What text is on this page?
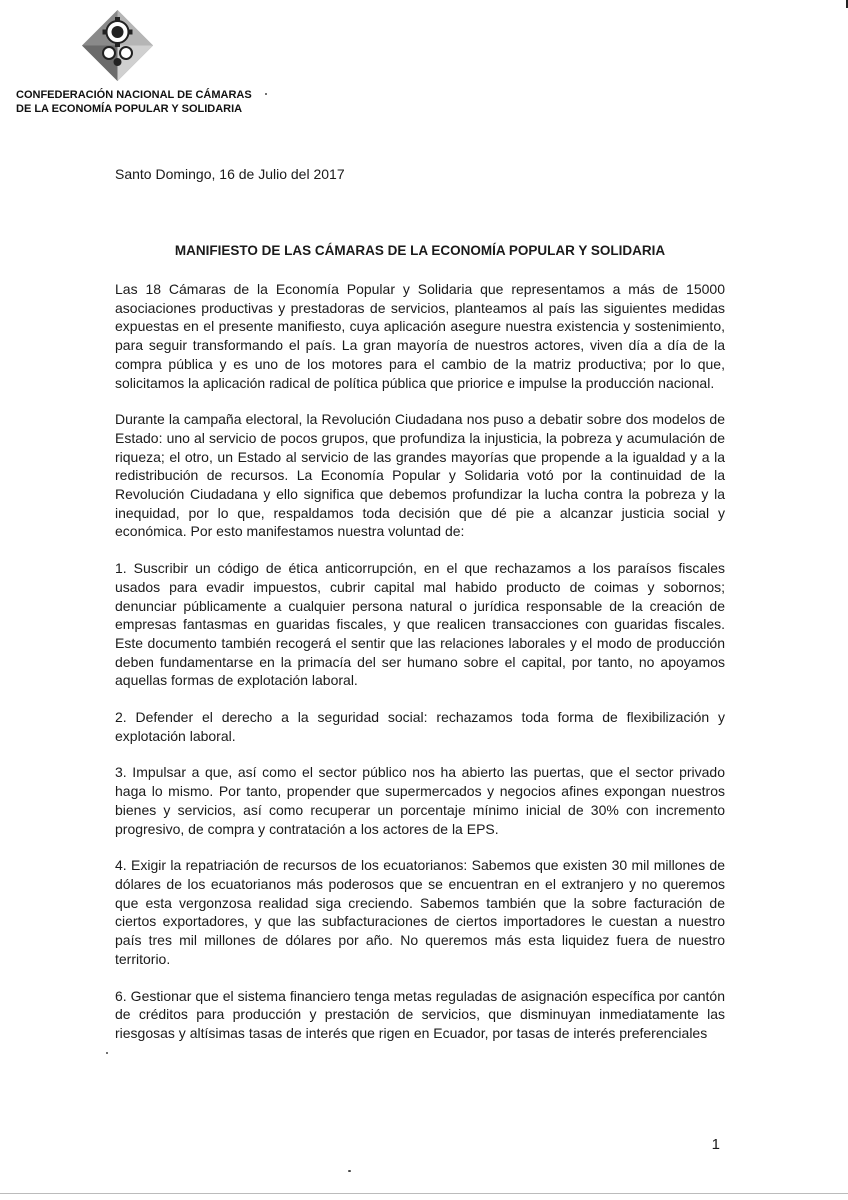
CONFEDERACIÓN NACIONAL DE CÁMARAS
DE LA ECONOMÍA POPULAR Y SOLIDARIA
Santo Domingo, 16 de Julio del 2017
MANIFIESTO DE LAS CÁMARAS DE LA ECONOMÍA POPULAR Y SOLIDARIA

Las 18 Cámaras de la Economía Popular y Solidaria que representamos a más de 15000 asociaciones productivas y prestadoras de servicios, planteamos al país las siguientes medidas expuestas en el presente manifiesto, cuya aplicación asegure nuestra existencia y sostenimiento, para seguir transformando el país. La gran mayoría de nuestros actores, viven día a día de la compra pública y es uno de los motores para el cambio de la matriz productiva; por lo que, solicitamos la aplicación radical de política pública que priorice e impulse la producción nacional.

Durante la campaña electoral, la Revolución Ciudadana nos puso a debatir sobre dos modelos de Estado: uno al servicio de pocos grupos, que profundiza la injusticia, la pobreza y acumulación de riqueza; el otro, un Estado al servicio de las grandes mayorías que propende a la igualdad y a la redistribución de recursos. La Economía Popular y Solidaria votó por la continuidad de la Revolución Ciudadana y ello significa que debemos profundizar la lucha contra la pobreza y la inequidad, por lo que, respaldamos toda decisión que dé pie a alcanzar justicia social y económica. Por esto manifestamos nuestra voluntad de:

1. Suscribir un código de ética anticorrupción, en el que rechazamos a los paraísos fiscales usados para evadir impuestos, cubrir capital mal habido producto de coimas y sobornos; denunciar públicamente a cualquier persona natural o jurídica responsable de la creación de empresas fantasmas en guaridas fiscales, y que realicen transacciones con guaridas fiscales. Este documento también recogerá el sentir que las relaciones laborales y el modo de producción deben fundamentarse en la primacía del ser humano sobre el capital, por tanto, no apoyamos aquellas formas de explotación laboral.

2. Defender el derecho a la seguridad social: rechazamos toda forma de flexibilización y explotación laboral.

3. Impulsar a que, así como el sector público nos ha abierto las puertas, que el sector privado haga lo mismo. Por tanto, propender que supermercados y negocios afines expongan nuestros bienes y servicios, así como recuperar un porcentaje mínimo inicial de 30% con incremento progresivo, de compra y contratación a los actores de la EPS.

4. Exigir la repatriación de recursos de los ecuatorianos: Sabemos que existen 30 mil millones de dólares de los ecuatorianos más poderosos que se encuentran en el extranjero y no queremos que esta vergonzosa realidad siga creciendo. Sabemos también que la sobre facturación de ciertos exportadores, y que las subfacturaciones de ciertos importadores le cuestan a nuestro país tres mil millones de dólares por año. No queremos más esta liquidez fuera de nuestro territorio.

6. Gestionar que el sistema financiero tenga metas reguladas de asignación específica por cantón de créditos para producción y prestación de servicios, que disminuyan inmediatamente las riesgosas y altísimas tasas de interés que rigen en Ecuador, por tasas de interés preferenciales

1
